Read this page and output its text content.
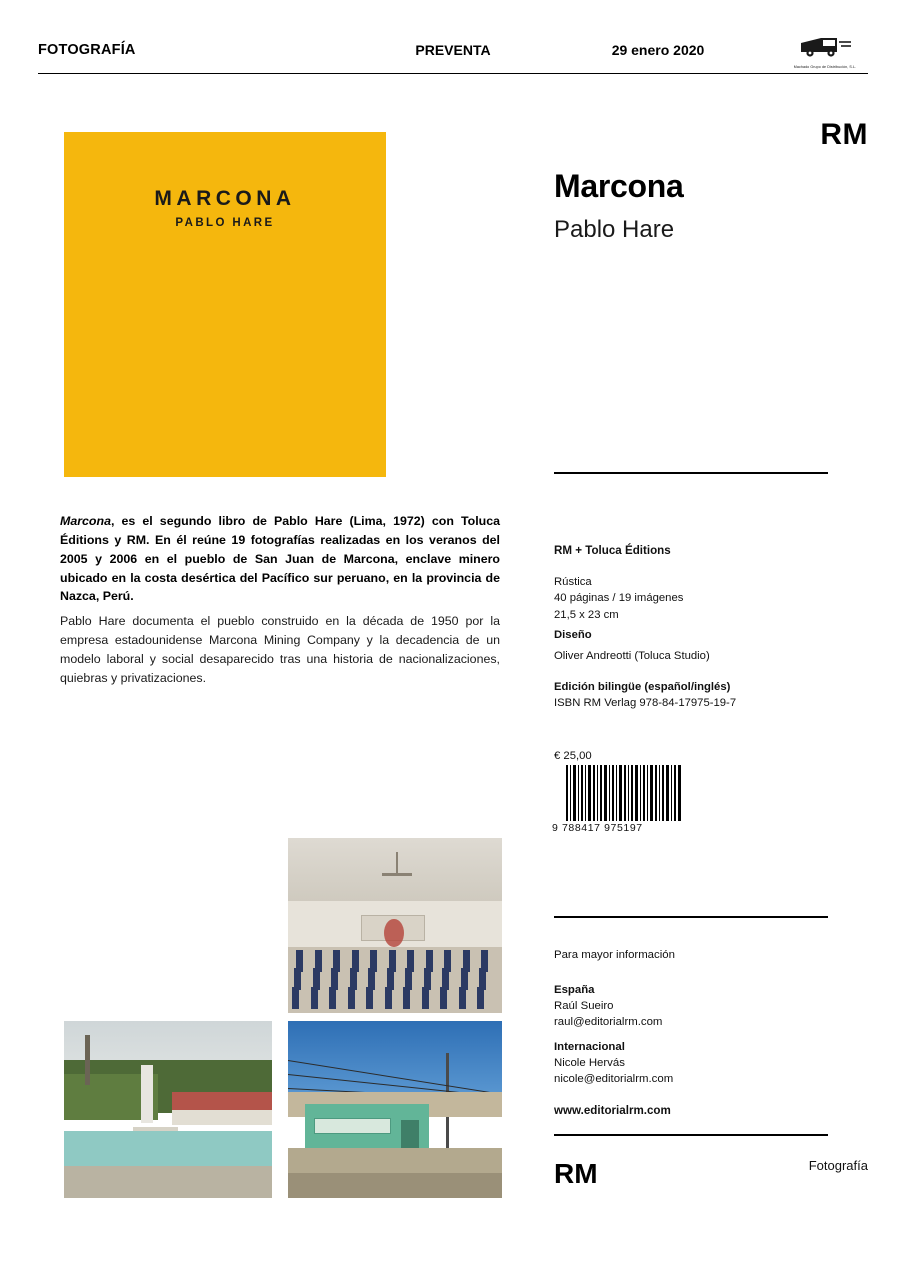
FOTOGRAFÍA	PREVENTA	29 enero 2020
Machado Grupo de Distribución, S.L.
MARCONA
PABLO HARE
Marcona, es el segundo libro de Pablo Hare (Lima, 1972) con Toluca Éditions y RM. En él reúne 19 fotografías realizadas en los veranos del 2005 y 2006 en el pueblo de San Juan de Marcona, enclave minero ubicado en la costa desértica del Pacífico sur peruano, en la provincia de Nazca, Perú.
Pablo Hare documenta el pueblo construido en la década de 1950 por la empresa estadounidense Marcona Mining Company y la decadencia de un modelo laboral y social desaparecido tras una historia de nacionalizaciones, quiebras y privatizaciones.
RM
Marcona
Pablo Hare
RM + Toluca Éditions
Rústica
40 páginas / 19 imágenes
21,5 x 23 cm
Diseño
Oliver Andreotti (Toluca Studio)
Edición bilingüe (español/inglés)
ISBN RM Verlag 978-84-17975-19-7
€ 25,00
9 788417 975197
Para mayor información
España
Raúl Sueiro
raul@editorialrm.com
Internacional
Nicole Hervás
nicole@editorialrm.com
www.editorialrm.com
RM	Fotografía
